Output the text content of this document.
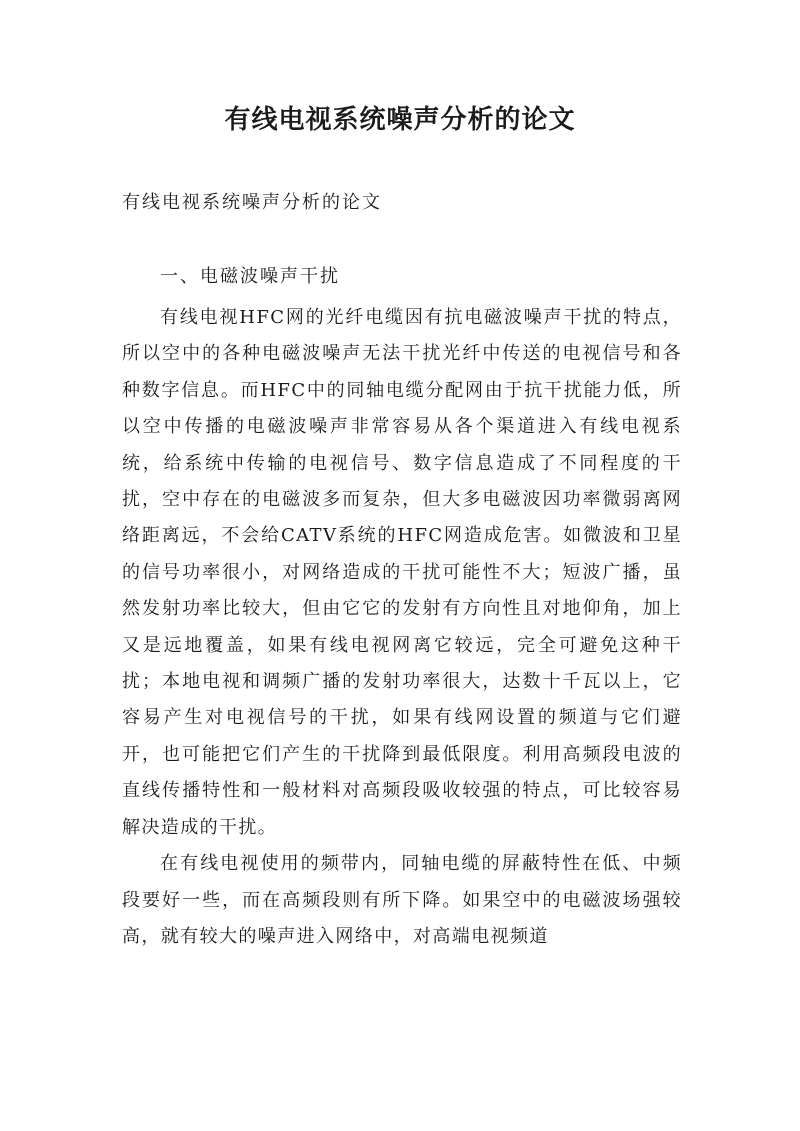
有线电视系统噪声分析的论文

有线电视系统噪声分析的论文

一、电磁波噪声干扰

有线电视HFC网的光纤电缆因有抗电磁波噪声干扰的特点，所以空中的各种电磁波噪声无法干扰光纤中传送的电视信号和各种数字信息。而HFC中的同轴电缆分配网由于抗干扰能力低，所以空中传播的电磁波噪声非常容易从各个渠道进入有线电视系统，给系统中传输的电视信号、数字信息造成了不同程度的干扰，空中存在的电磁波多而复杂，但大多电磁波因功率微弱离网络距离远，不会给CATV系统的HFC网造成危害。如微波和卫星的信号功率很小，对网络造成的干扰可能性不大；短波广播，虽然发射功率比较大，但由它它的发射有方向性且对地仰角，加上又是远地覆盖，如果有线电视网离它较远，完全可避免这种干扰；本地电视和调频广播的发射功率很大，达数十千瓦以上，它容易产生对电视信号的干扰，如果有线网设置的频道与它们避开，也可能把它们产生的干扰降到最低限度。利用高频段电波的直线传播特性和一般材料对高频段吸收较强的特点，可比较容易解决造成的干扰。

在有线电视使用的频带内，同轴电缆的屏蔽特性在低、中频段要好一些，而在高频段则有所下降。如果空中的电磁波场强较高，就有较大的噪声进入网络中，对高端电视频道
